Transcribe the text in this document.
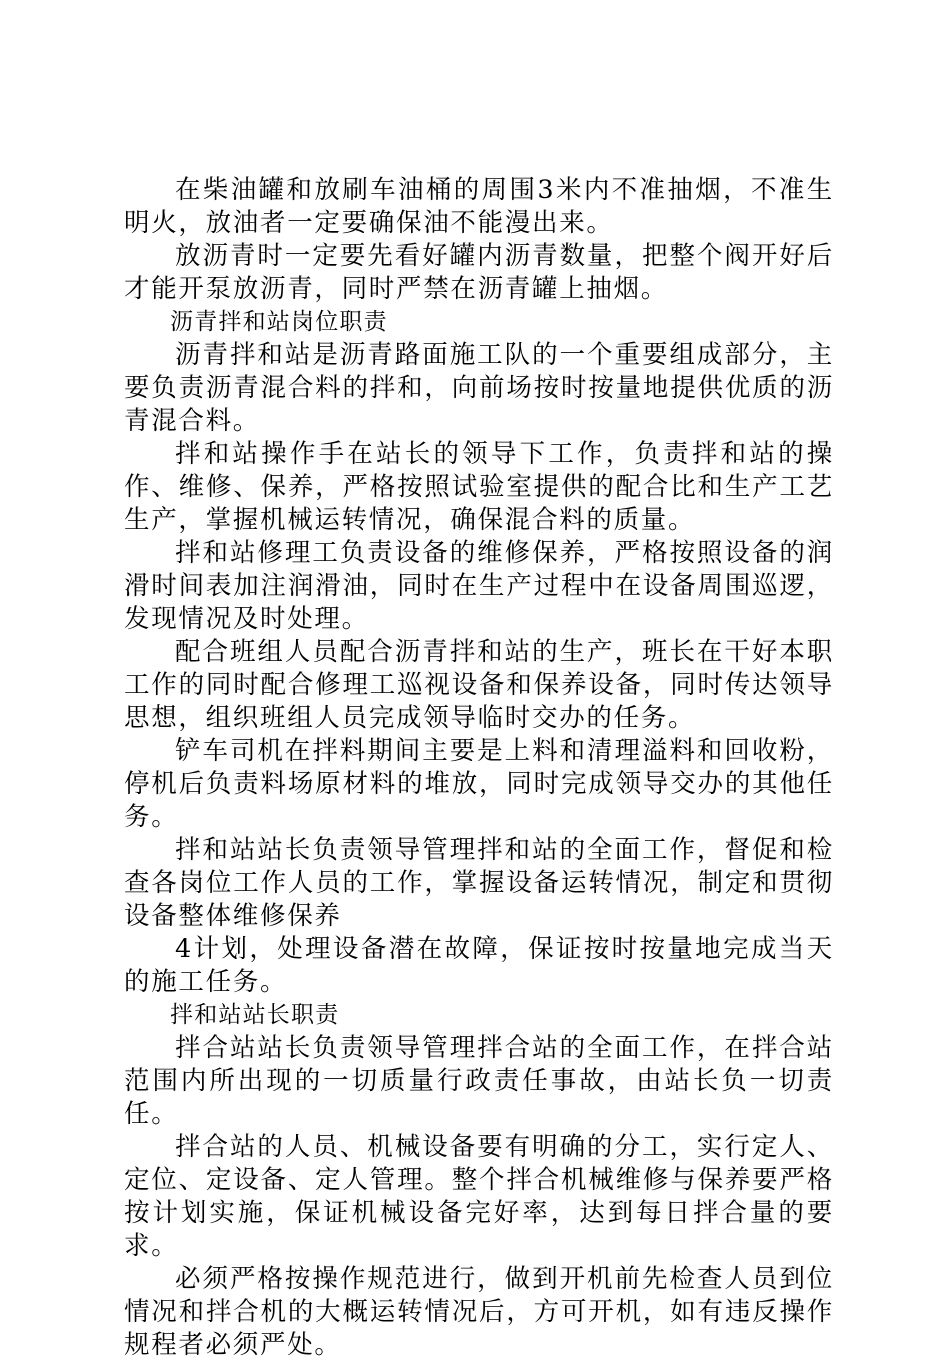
在柴油罐和放刷车油桶的周围3米内不准抽烟，不准生明火，放油者一定要确保油不能漫出来。

放沥青时一定要先看好罐内沥青数量，把整个阀开好后才能开泵放沥青，同时严禁在沥青罐上抽烟。

沥青拌和站岗位职责

沥青拌和站是沥青路面施工队的一个重要组成部分，主要负责沥青混合料的拌和，向前场按时按量地提供优质的沥青混合料。

拌和站操作手在站长的领导下工作，负责拌和站的操作、维修、保养，严格按照试验室提供的配合比和生产工艺生产，掌握机械运转情况，确保混合料的质量。

拌和站修理工负责设备的维修保养，严格按照设备的润滑时间表加注润滑油，同时在生产过程中在设备周围巡逻，发现情况及时处理。

配合班组人员配合沥青拌和站的生产，班长在干好本职工作的同时配合修理工巡视设备和保养设备，同时传达领导思想，组织班组人员完成领导临时交办的任务。

铲车司机在拌料期间主要是上料和清理溢料和回收粉，停机后负责料场原材料的堆放，同时完成领导交办的其他任务。

拌和站站长负责领导管理拌和站的全面工作，督促和检查各岗位工作人员的工作，掌握设备运转情况，制定和贯彻设备整体维修保养

4计划，处理设备潜在故障，保证按时按量地完成当天的施工任务。

拌和站站长职责

拌合站站长负责领导管理拌合站的全面工作，在拌合站范围内所出现的一切质量行政责任事故，由站长负一切责任。

拌合站的人员、机械设备要有明确的分工，实行定人、定位、定设备、定人管理。整个拌合机械维修与保养要严格按计划实施，保证机械设备完好率，达到每日拌合量的要求。

必须严格按操作规范进行，做到开机前先检查人员到位情况和拌合机的大概运转情况后，方可开机，如有违反操作规程者必须严处。
